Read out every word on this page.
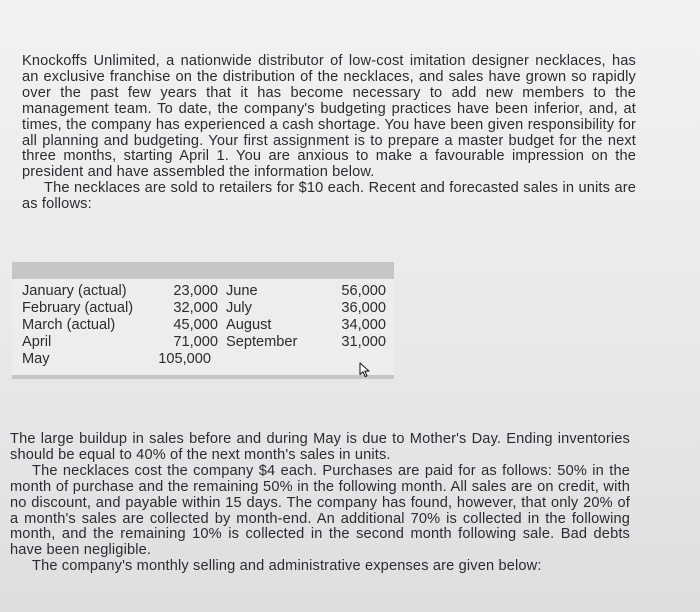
Knockoffs Unlimited, a nationwide distributor of low-cost imitation designer necklaces, has an exclusive franchise on the distribution of the necklaces, and sales have grown so rapidly over the past few years that it has become necessary to add new members to the management team. To date, the company's budgeting practices have been inferior, and, at times, the company has experienced a cash shortage. You have been given responsibility for all planning and budgeting. Your first assignment is to prepare a master budget for the next three months, starting April 1. You are anxious to make a favourable impression on the president and have assembled the information below.
The necklaces are sold to retailers for $10 each. Recent and forecasted sales in units are as follows:

January (actual)	23,000 June	56,000
February (actual)	32,000 July	36,000
March (actual)	45,000 August	34,000
April	71,000 September	31,000
May	105,000

The large buildup in sales before and during May is due to Mother's Day. Ending inventories should be equal to 40% of the next month's sales in units.
The necklaces cost the company $4 each. Purchases are paid for as follows: 50% in the month of purchase and the remaining 50% in the following month. All sales are on credit, with no discount, and payable within 15 days. The company has found, however, that only 20% of a month's sales are collected by month-end. An additional 70% is collected in the following month, and the remaining 10% is collected in the second month following sale. Bad debts have been negligible.
The company's monthly selling and administrative expenses are given below:
